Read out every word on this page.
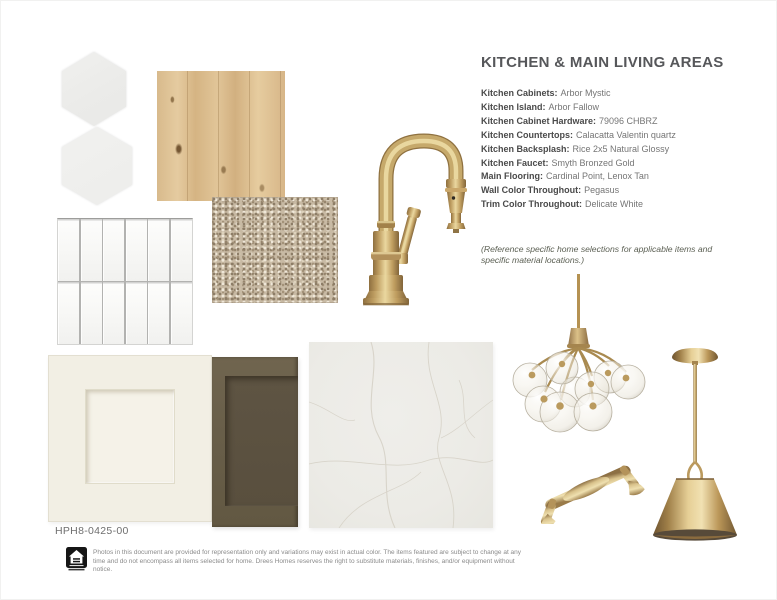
KITCHEN & MAIN LIVING AREAS
Kitchen Cabinets: Arbor Mystic
Kitchen Island: Arbor Fallow
Kitchen Cabinet Hardware: 79096 CHBRZ
Kitchen Countertops: Calacatta Valentin quartz
Kitchen Backsplash: Rice 2x5 Natural Glossy
Kitchen Faucet: Smyth Bronzed Gold
Main Flooring: Cardinal Point, Lenox Tan
Wall Color Throughout: Pegasus
Trim Color Throughout: Delicate White
(Reference specific home selections for applicable items and specific material locations.)
HPH8-0425-00
Photos in this document are provided for representation only and variations may exist in actual color. The items featured are subject to change at any time and do not encompass all items selected for home. Drees Homes reserves the right to substitute materials, finishes, and/or equipment without notice.
